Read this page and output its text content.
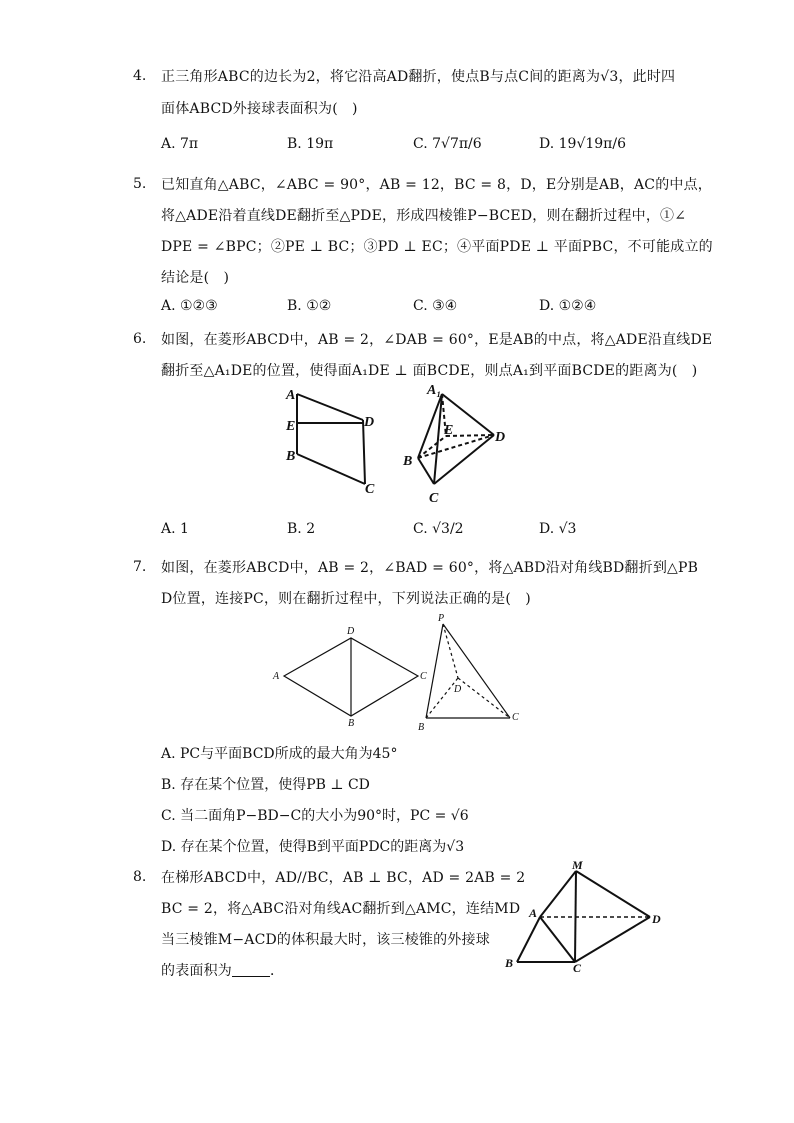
4. 正三角形ABC的边长为2，将它沿高AD翻折，使点B与点C间的距离为√3，此时四
面体ABCD外接球表面积为(　)
A. 7π	B. 19π	C. 7√7π/6	D. 19√19π/6
5. 已知直角△ABC，∠ABC = 90°，AB = 12，BC = 8，D，E分别是AB，AC的中点，
将△ADE沿着直线DE翻折至△PDE，形成四棱锥P−BCED，则在翻折过程中，①∠
DPE = ∠BPC；②PE ⊥ BC；③PD ⊥ EC；④平面PDE ⊥ 平面PBC，不可能成立的
结论是(　)
A. ①②③	B. ①②	C. ③④	D. ①②④
6. 如图，在菱形ABCD中，AB = 2，∠DAB = 60°，E是AB的中点，将△ADE沿直线DE
翻折至△A₁DE的位置，使得面A₁DE ⊥ 面BCDE，则点A₁到平面BCDE的距离为(　)
A
E
B
D
C
A₁
E	D
B
C
A. 1	B. 2	C. √3/2	D. √3
7. 如图，在菱形ABCD中，AB = 2，∠BAD = 60°，将△ABD沿对角线BD翻折到△PB
D位置，连接PC，则在翻折过程中，下列说法正确的是(　)
D
A	C
B
P
D
C
B
A. PC与平面BCD所成的最大角为45°
B. 存在某个位置，使得PB ⊥ CD
C. 当二面角P−BD−C的大小为90°时，PC = √6
D. 存在某个位置，使得B到平面PDC的距离为√3
8. 在梯形ABCD中，AD//BC，AB ⊥ BC，AD = 2AB = 2
BC = 2，将△ABC沿对角线AC翻折到△AMC，连结MD
当三棱锥M−ACD的体积最大时，该三棱锥的外接球
的表面积为	．
M
A	D
B	C
